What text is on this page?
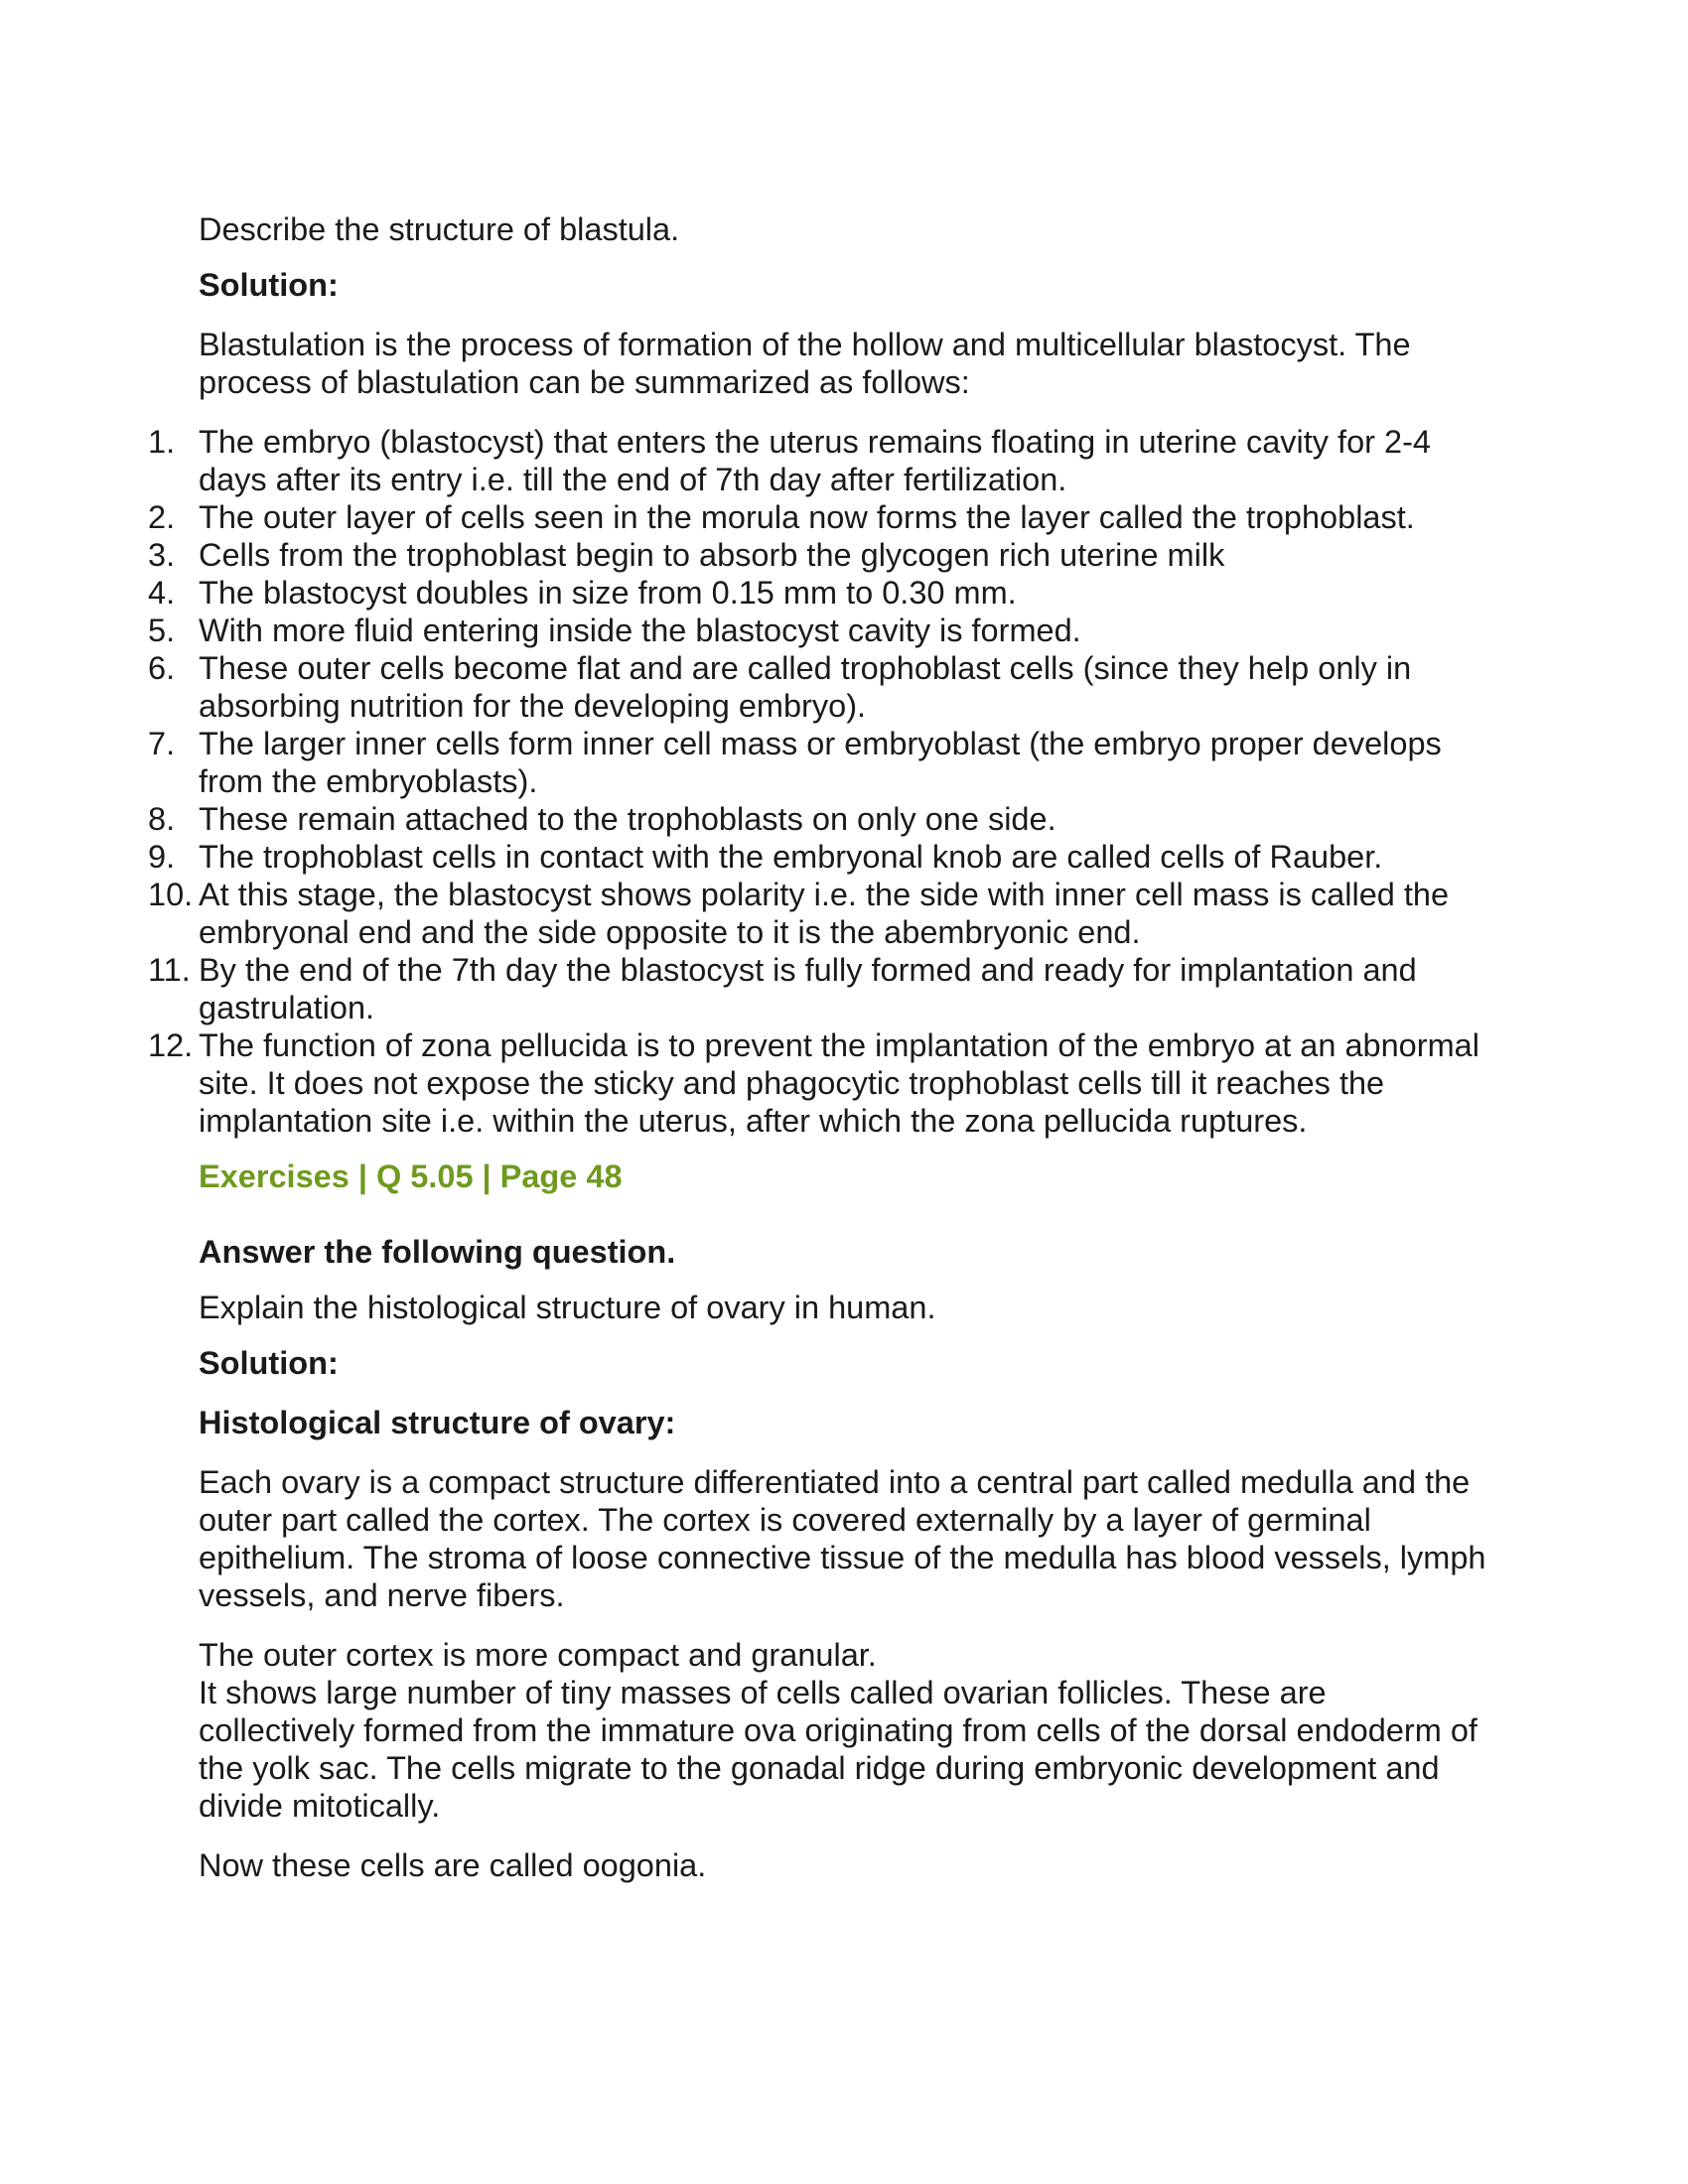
Describe the structure of blastula.

Solution:

Blastulation is the process of formation of the hollow and multicellular blastocyst. The process of blastulation can be summarized as follows:

1. The embryo (blastocyst) that enters the uterus remains floating in uterine cavity for 2-4 days after its entry i.e. till the end of 7th day after fertilization.
2. The outer layer of cells seen in the morula now forms the layer called the trophoblast.
3. Cells from the trophoblast begin to absorb the glycogen rich uterine milk
4. The blastocyst doubles in size from 0.15 mm to 0.30 mm.
5. With more fluid entering inside the blastocyst cavity is formed.
6. These outer cells become flat and are called trophoblast cells (since they help only in absorbing nutrition for the developing embryo).
7. The larger inner cells form inner cell mass or embryoblast (the embryo proper develops from the embryoblasts).
8. These remain attached to the trophoblasts on only one side.
9. The trophoblast cells in contact with the embryonal knob are called cells of Rauber.
10. At this stage, the blastocyst shows polarity i.e. the side with inner cell mass is called the embryonal end and the side opposite to it is the abembryonic end.
11. By the end of the 7th day the blastocyst is fully formed and ready for implantation and gastrulation.
12. The function of zona pellucida is to prevent the implantation of the embryo at an abnormal site. It does not expose the sticky and phagocytic trophoblast cells till it reaches the implantation site i.e. within the uterus, after which the zona pellucida ruptures.

Exercises | Q 5.05 | Page 48

Answer the following question.

Explain the histological structure of ovary in human.

Solution:

Histological structure of ovary:

Each ovary is a compact structure differentiated into a central part called medulla and the outer part called the cortex. The cortex is covered externally by a layer of germinal epithelium. The stroma of loose connective tissue of the medulla has blood vessels, lymph vessels, and nerve fibers.

The outer cortex is more compact and granular.

It shows large number of tiny masses of cells called ovarian follicles. These are collectively formed from the immature ova originating from cells of the dorsal endoderm of the yolk sac. The cells migrate to the gonadal ridge during embryonic development and divide mitotically.

Now these cells are called oogonia.
